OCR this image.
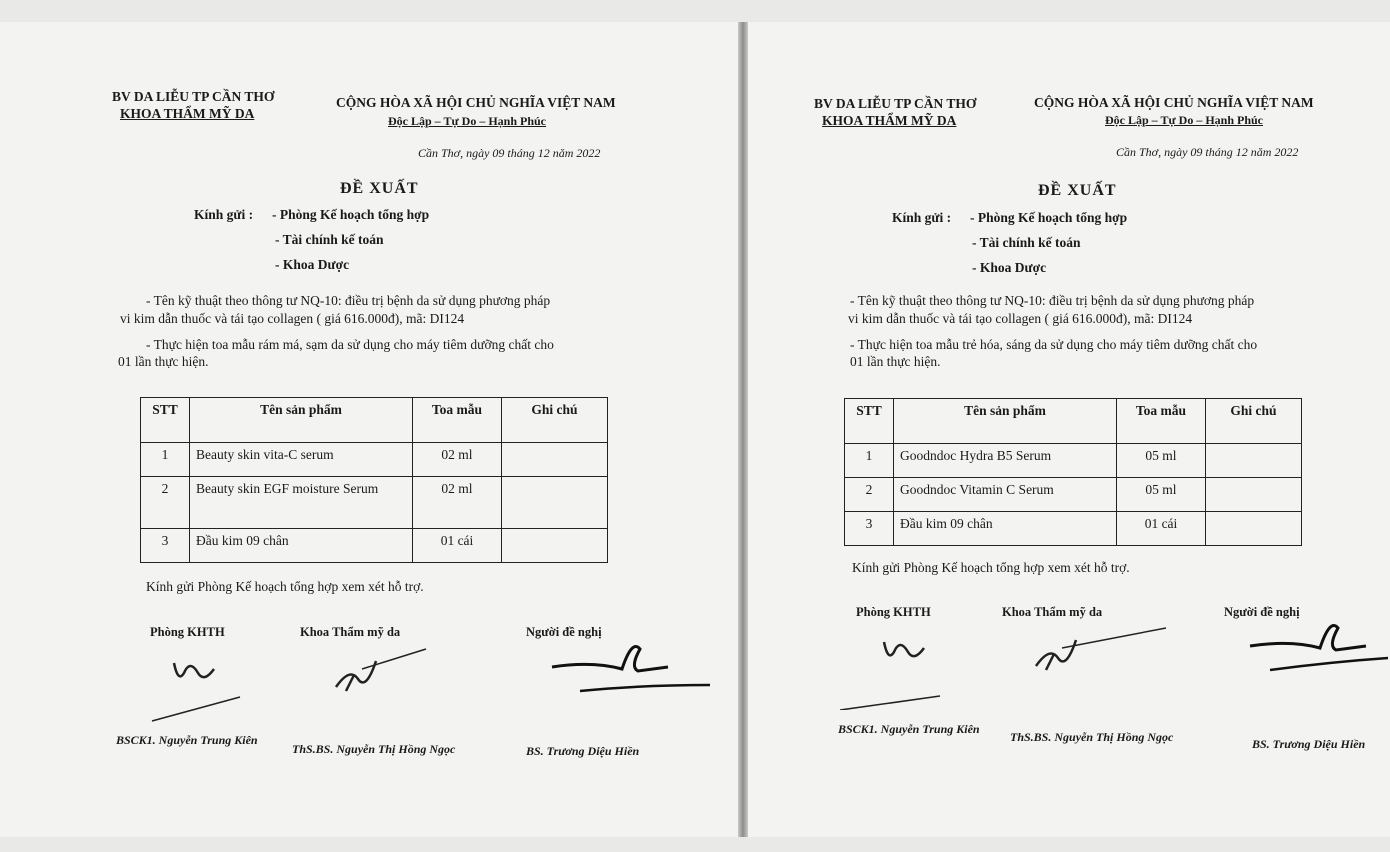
BV DA LIỄU TP CẦN THƠ
KHOA THẨM MỸ DA
CỘNG HÒA XÃ HỘI CHỦ NGHĨA VIỆT NAM
Độc Lập – Tự Do – Hạnh Phúc
Cần Thơ, ngày 09 tháng 12 năm 2022
ĐỀ XUẤT
Kính gửi : - Phòng Kế hoạch tổng hợp
- Tài chính kế toán
- Khoa Dược
- Tên kỹ thuật theo thông tư NQ-10: điều trị bệnh da sử dụng phương pháp
vi kim dẫn thuốc và tái tạo collagen ( giá 616.000đ), mã: DI124
- Thực hiện toa mẫu rám má, sạm da sử dụng cho máy tiêm dưỡng chất cho
01 lần thực hiện.
STT	Tên sản phẩm	Toa mẫu	Ghi chú
1	Beauty skin vita-C serum	02 ml	
2	Beauty skin EGF moisture Serum	02 ml	
3	Đầu kim 09 chân	01 cái	
Kính gửi Phòng Kế hoạch tổng hợp xem xét hỗ trợ.
Phòng KHTH	Khoa Thẩm mỹ da	Người đề nghị
BSCK1. Nguyễn Trung Kiên
ThS.BS. Nguyễn Thị Hồng Ngọc	BS. Trương Diệu Hiền
BV DA LIỄU TP CẦN THƠ
KHOA THẨM MỸ DA
CỘNG HÒA XÃ HỘI CHỦ NGHĨA VIỆT NAM
Độc Lập – Tự Do – Hạnh Phúc
Cần Thơ, ngày 09 tháng 12 năm 2022
ĐỀ XUẤT
Kính gửi : - Phòng Kế hoạch tổng hợp
- Tài chính kế toán
- Khoa Dược
- Tên kỹ thuật theo thông tư NQ-10: điều trị bệnh da sử dụng phương pháp
vi kim dẫn thuốc và tái tạo collagen ( giá 616.000đ), mã: DI124
- Thực hiện toa mẫu trẻ hóa, sáng da sử dụng cho máy tiêm dưỡng chất cho
01 lần thực hiện.
STT	Tên sản phẩm	Toa mẫu	Ghi chú
1	Goodndoc Hydra B5 Serum	05 ml	
2	Goodndoc Vitamin C Serum	05 ml	
3	Đầu kim 09 chân	01 cái	
Kính gửi Phòng Kế hoạch tổng hợp xem xét hỗ trợ.
Phòng KHTH	Khoa Thẩm mỹ da	Người đề nghị
BSCK1. Nguyễn Trung Kiên
ThS.BS. Nguyễn Thị Hồng Ngọc	BS. Trương Diệu Hiền
